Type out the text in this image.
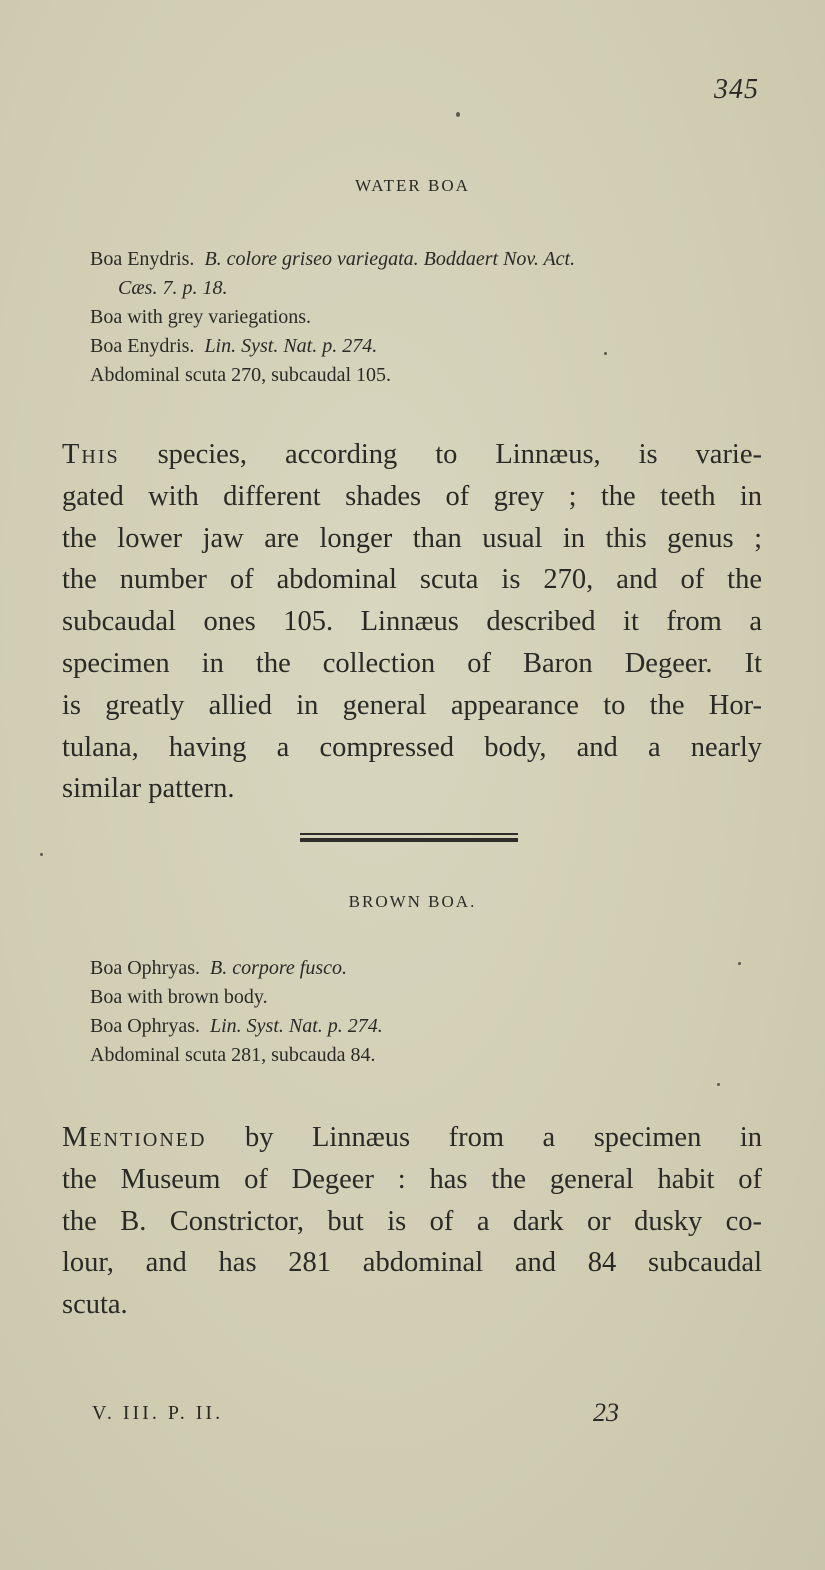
345
WATER BOA

Boa Enydris. B. colore griseo variegata. Boddaert Nov. Act.

Cæs. 7. p. 18.

Boa with grey variegations.

Boa Enydris. Lin. Syst. Nat. p. 274.

Abdominal scuta 270, subcaudal 105.

This species, according to Linnæus, is varie-
gated with different shades of grey ; the teeth in
the lower jaw are longer than usual in this genus ;
the number of abdominal scuta is 270, and of the
subcaudal ones 105. Linnæus described it from a
specimen in the collection of Baron Degeer. It
is greatly allied in general appearance to the Hor-
tulana, having a compressed body, and a nearly
similar pattern.
BROWN BOA.

Boa Ophryas. B. corpore fusco.

Boa with brown body.

Boa Ophryas. Lin. Syst. Nat. p. 274.

Abdominal scuta 281, subcauda 84.

Mentioned by Linnæus from a specimen in
the Museum of Degeer : has the general habit of
the B. Constrictor, but is of a dark or dusky co-
lour, and has 281 abdominal and 84 subcaudal
scuta.
V. III. P. II.	23
